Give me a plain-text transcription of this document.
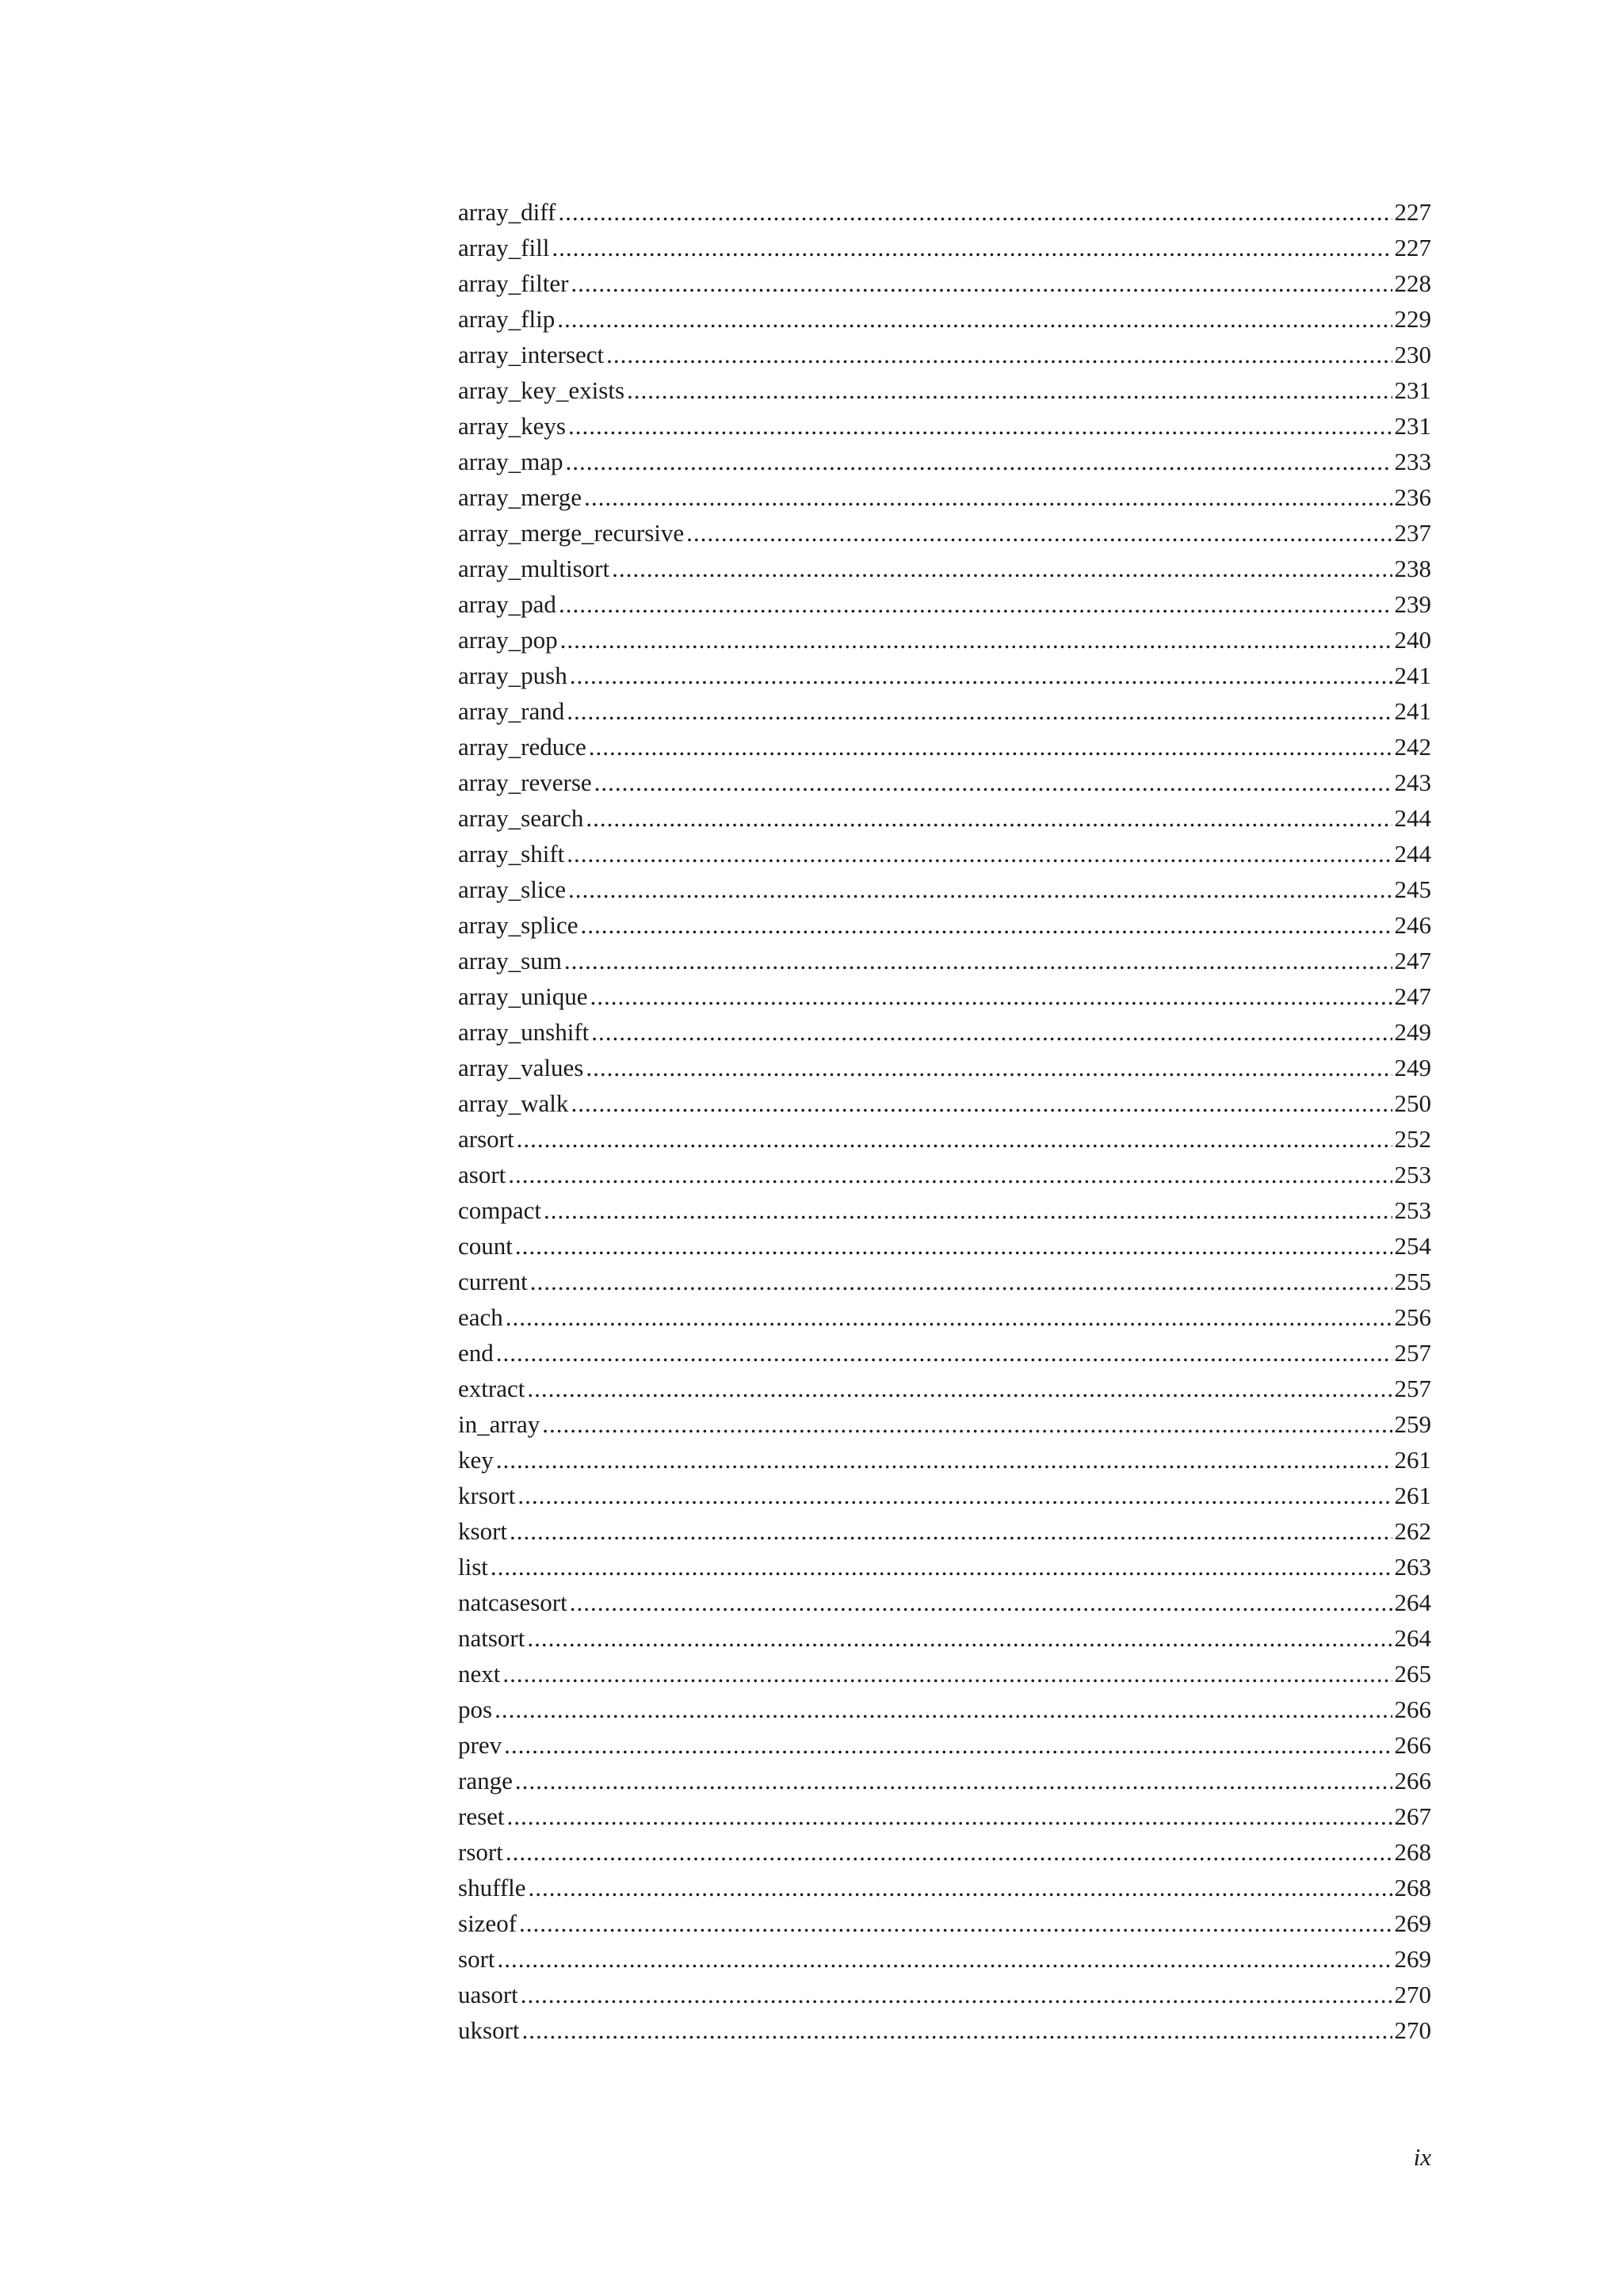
array_diff .....	227
array_fill .....	227
array_filter .....	228
array_flip .....	229
array_intersect .....	230
array_key_exists .....	231
array_keys .....	231
array_map .....	233
array_merge .....	236
array_merge_recursive .....	237
array_multisort .....	238
array_pad .....	239
array_pop .....	240
array_push .....	241
array_rand .....	241
array_reduce .....	242
array_reverse .....	243
array_search .....	244
array_shift .....	244
array_slice .....	245
array_splice .....	246
array_sum .....	247
array_unique .....	247
array_unshift .....	249
array_values .....	249
array_walk .....	250
arsort .....	252
asort .....	253
compact .....	253
count .....	254
current .....	255
each .....	256
end .....	257
extract .....	257
in_array .....	259
key .....	261
krsort .....	261
ksort .....	262
list .....	263
natcasesort .....	264
natsort .....	264
next .....	265
pos .....	266
prev .....	266
range .....	266
reset .....	267
rsort .....	268
shuffle .....	268
sizeof .....	269
sort .....	269
uasort .....	270
uksort .....	270
ix
